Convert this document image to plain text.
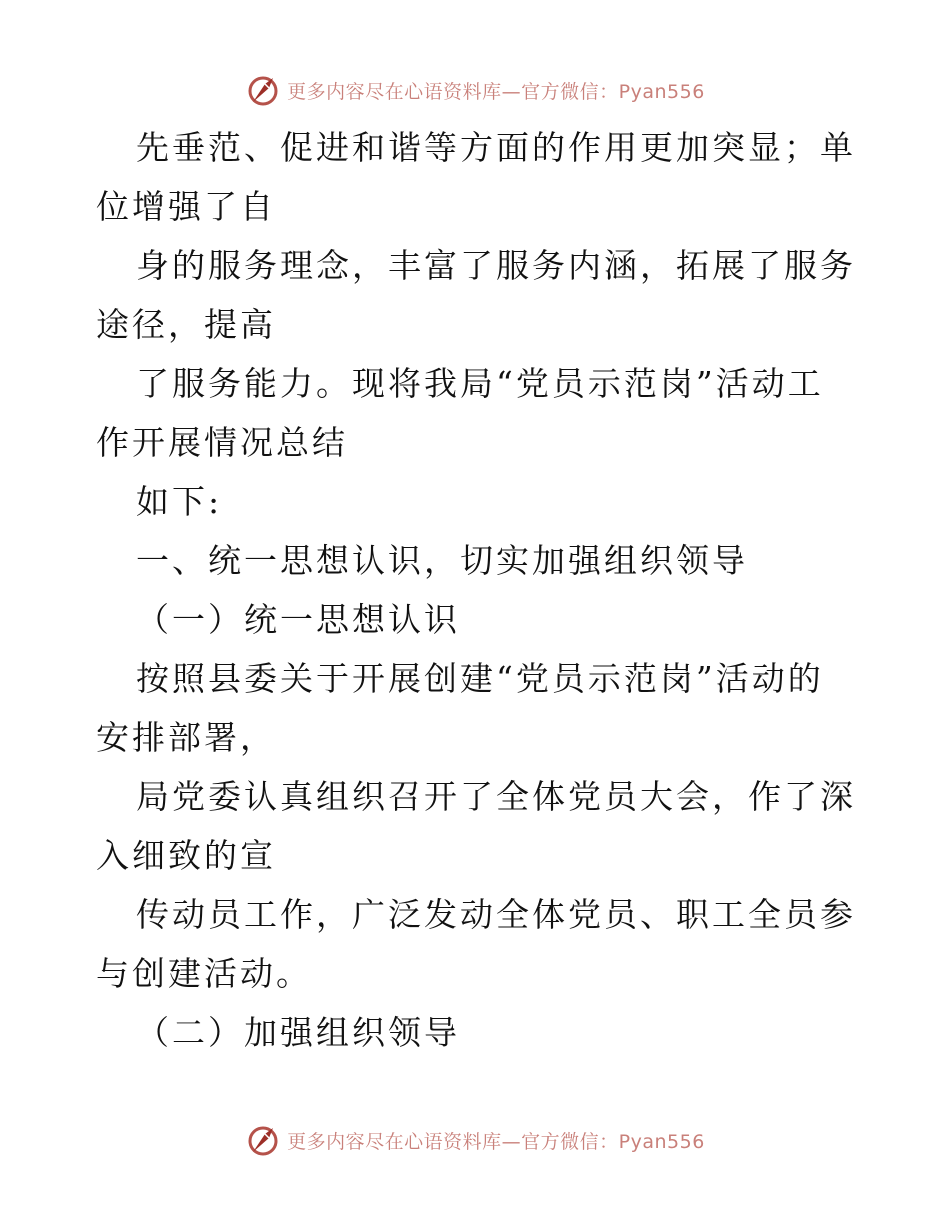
更多内容尽在心语资料库—官方微信：Pyan556

先垂范、促进和谐等方面的作用更加突显；单位增强了自

身的服务理念，丰富了服务内涵，拓展了服务途径，提高

了服务能力。现将我局“党员示范岗”活动工作开展情况总结

如下:

一、统一思想认识，切实加强组织领导

（一）统一思想认识

按照县委关于开展创建“党员示范岗”活动的安排部署，

局党委认真组织召开了全体党员大会，作了深入细致的宣

传动员工作，广泛发动全体党员、职工全员参与创建活动。

（二）加强组织领导

更多内容尽在心语资料库—官方微信：Pyan556
